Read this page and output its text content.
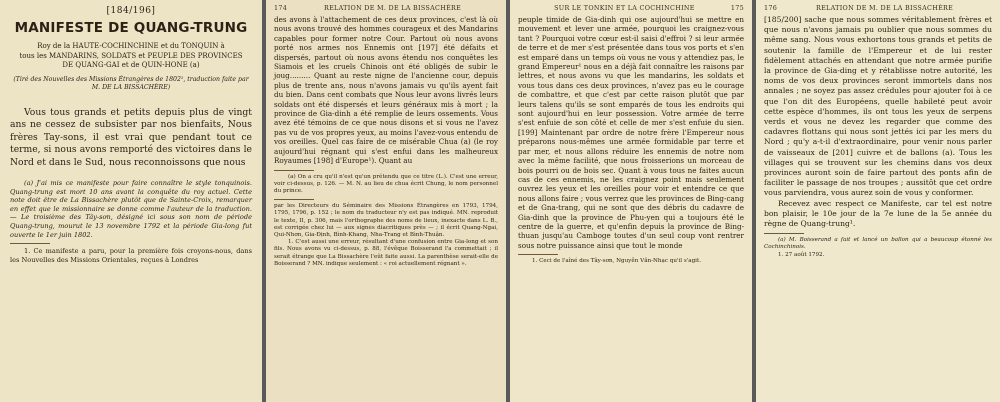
[184/196]

MANIFESTE DE QUANG-TRUNG

Roy de la HAUTE-COCHINCHINE et du TONQUIN à

tous les MANDARINS, SOLDATS et PEUPLE DES PROVINCES

DE QUANG-GAI et de QUIN-HONE (a)

(Tiré des Nouvelles des Missions Étrangères de 1802¹, traduction faite par M. DE LA BISSACHÈRE)

Vous tous grands et petits depuis plus de vingt ans ne cessez de subsister par nos bienfaits, Nous frères Tay-sons, il est vrai que pendant tout ce terme, si nous avons remporté des victoires dans le Nord et dans le Sud, nous reconnoissons que nous

(a) J'ai mis ce manifeste pour faire connaître le style tonquinois. Quang-trung est mort 10 ans avant la conquête du roy actuel. Cette note doit être de La Bissachère plutôt que de Sainte-Croix, remarquer en effet que le missionnaire se donne comme l'auteur de la traduction. — Le troisième des Tây-sơn, désigné ici sous son nom de période Quang-trung, mourut le 13 novembre 1792 et la période Gia-long fut ouverte le 1er juin 1802.

1. Ce manifeste a paru, pour la première fois croyons-nous, dans les Nouvelles des Missions Orientales, reçues à Londres

174	RELATION DE M. DE LA BISSACHÈRE

des avons à l'attachement de ces deux provinces, c'est là où nous avons trouvé des hommes courageux et des Mandarins capables pour former notre Cour. Partout où nous avons porté nos armes nos Ennemis ont [197] été défaits et dispersés, partout où nous avons étendu nos conquêtes les Siamois et les cruels Chinois ont été obligés de subir le joug......... Quant au reste nigne de l'ancienne cour, depuis plus de trente ans, nous n'avons jamais vu qu'ils ayent fait du bien. Dans cent combats que Nous leur avons livrés leurs soldats ont été dispersés et leurs généraux mis à mort ; la province de Gia-dinh a été remplie de leurs ossements. Vous avez été témoins de ce que nous disons et si vous ne l'avez pas vu de vos propres yeux, au moins l'avez-vous entendu de vos oreilles. Quel cas faire de ce misérable Chua (a) (le roy aujourd'hui régnant qui s'est enfui dans les malheureux Royaumes [198] d'Europe¹). Quant au

(a) On a cru qu'il n'est qu'un prétendu que ce titre (L.). C'est une erreur, voir ci-dessus, p. 126. — M. N. au lieu de chua écrit Chung, le nom personnel du prince.

par les Directeurs du Séminaire des Missions Étrangères en 1793, 1794, 1795, 1796, p. 152 ; le nom du traducteur n'y est pas indiqué. MN. reproduit le texte, II, p. 306, mais l'orthographe des noms de lieux, inexacte dans L. B., est corrigée chez lui — aux signes diacritiques près — ; il écrit Quang-Ngai, Qui-Nhơn, Gia-Định, Bình-Khang, Nha-Trang et Bình-Thuận.

1. C'est aussi une erreur, résultant d'une confusion entre Gia-long et son fils. Nous avons vu ci-dessus, p. 88, l'évêque Boisserand l'a commettait ; il serait étrange que La Bissachère l'eût faite aussi. La parenthèse serait-elle de Boisserand ? MN. indique seulement : « roi actuellement régnant ».

SUR LE TONKIN ET LA COCHINCHINE	175

peuple timide de Gia-dinh qui ose aujourd'hui se mettre en mouvement et lever une armée, pourquoi les craignez-vous tant ? Pourquoi votre cœur est-il saisi d'effroi ? si leur armée de terre et de mer s'est présentée dans tous vos ports et s'en est emparé dans un temps où vous ne vous y attendiez pas, le grand Empereur¹ nous en a déjà fait connaître les raisons par lettres, et nous avons vu que les mandarins, les soldats et vous tous dans ces deux provinces, n'avez pas eu le courage de combattre, et que c'est par cette raison plutôt que par leurs talens qu'ils se sont emparés de tous les endroits qui sont aujourd'hui en leur possession. Votre armée de terre s'est enfuie de son côté et celle de mer s'est enfuie du sien. [199] Maintenant par ordre de notre frère l'Empereur nous préparons nous-mêmes une armée formidable par terre et par mer, et nous allons réduire les ennemis de notre nom avec la même facilité, que nous froisserions un morceau de bois pourri ou de bois sec. Quant à vous tous ne faites aucun cas de ces ennemis, ne les craignez point mais seulement ouvrez les yeux et les oreilles pour voir et entendre ce que nous allons faire ; vous verrez que les provinces de Bing-cang et de Gna-trang, qui ne sont que des débris du cadavre de Gia-dinh que la province de Phu-yen qui a toujours été le centre de la guerre, et qu'enfin depuis la province de Bing-thuan jusqu'au Camboge toutes d'un seul coup vont rentrer sous notre puissance ainsi que tout le monde

1. Ceci de l'aîné des Tây-sơn, Nguyễn Văn-Nhạc qu'il s'agit.

176	RELATION DE M. DE LA BISSACHÈRE

[185/200] sache que nous sommes véritablement frères et que nous n'avons jamais pu oublier que nous sommes du même sang. Nous vous exhortons tous grands et petits de soutenir la famille de l'Empereur et de lui rester fidèlement attachés en attendant que notre armée purifie la province de Gia-ding et y rétablisse notre autorité, les noms de vos deux provinces seront immortels dans nos annales ; ne soyez pas assez crédules pour ajouter foi à ce que l'on dit des Européens, quelle habileté peut avoir cette espèce d'hommes, ils ont tous les yeux de serpens verds et vous ne devez les regarder que comme des cadavres flottans qui nous sont jettés ici par les mers du Nord ; qu'y a-t-il d'extraordinaire, pour venir nous parler de vaisseaux de [201] cuivre et de ballons (a). Tous les villages qui se trouvent sur les chemins dans vos deux provinces auront soin de faire partout des ponts afin de faciliter le passage de nos troupes ; aussitôt que cet ordre vous parviendra, vous aurez soin de vous y conformer.

Recevez avec respect ce Manifeste, car tel est notre bon plaisir, le 10e jour de la 7e lune de la 5e année du règne de Quang-trung¹.

(a) M. Boisserand a fait et lancé un ballon qui a beaucoup étonné les Cochinchinois.

1. 27 août 1792.
